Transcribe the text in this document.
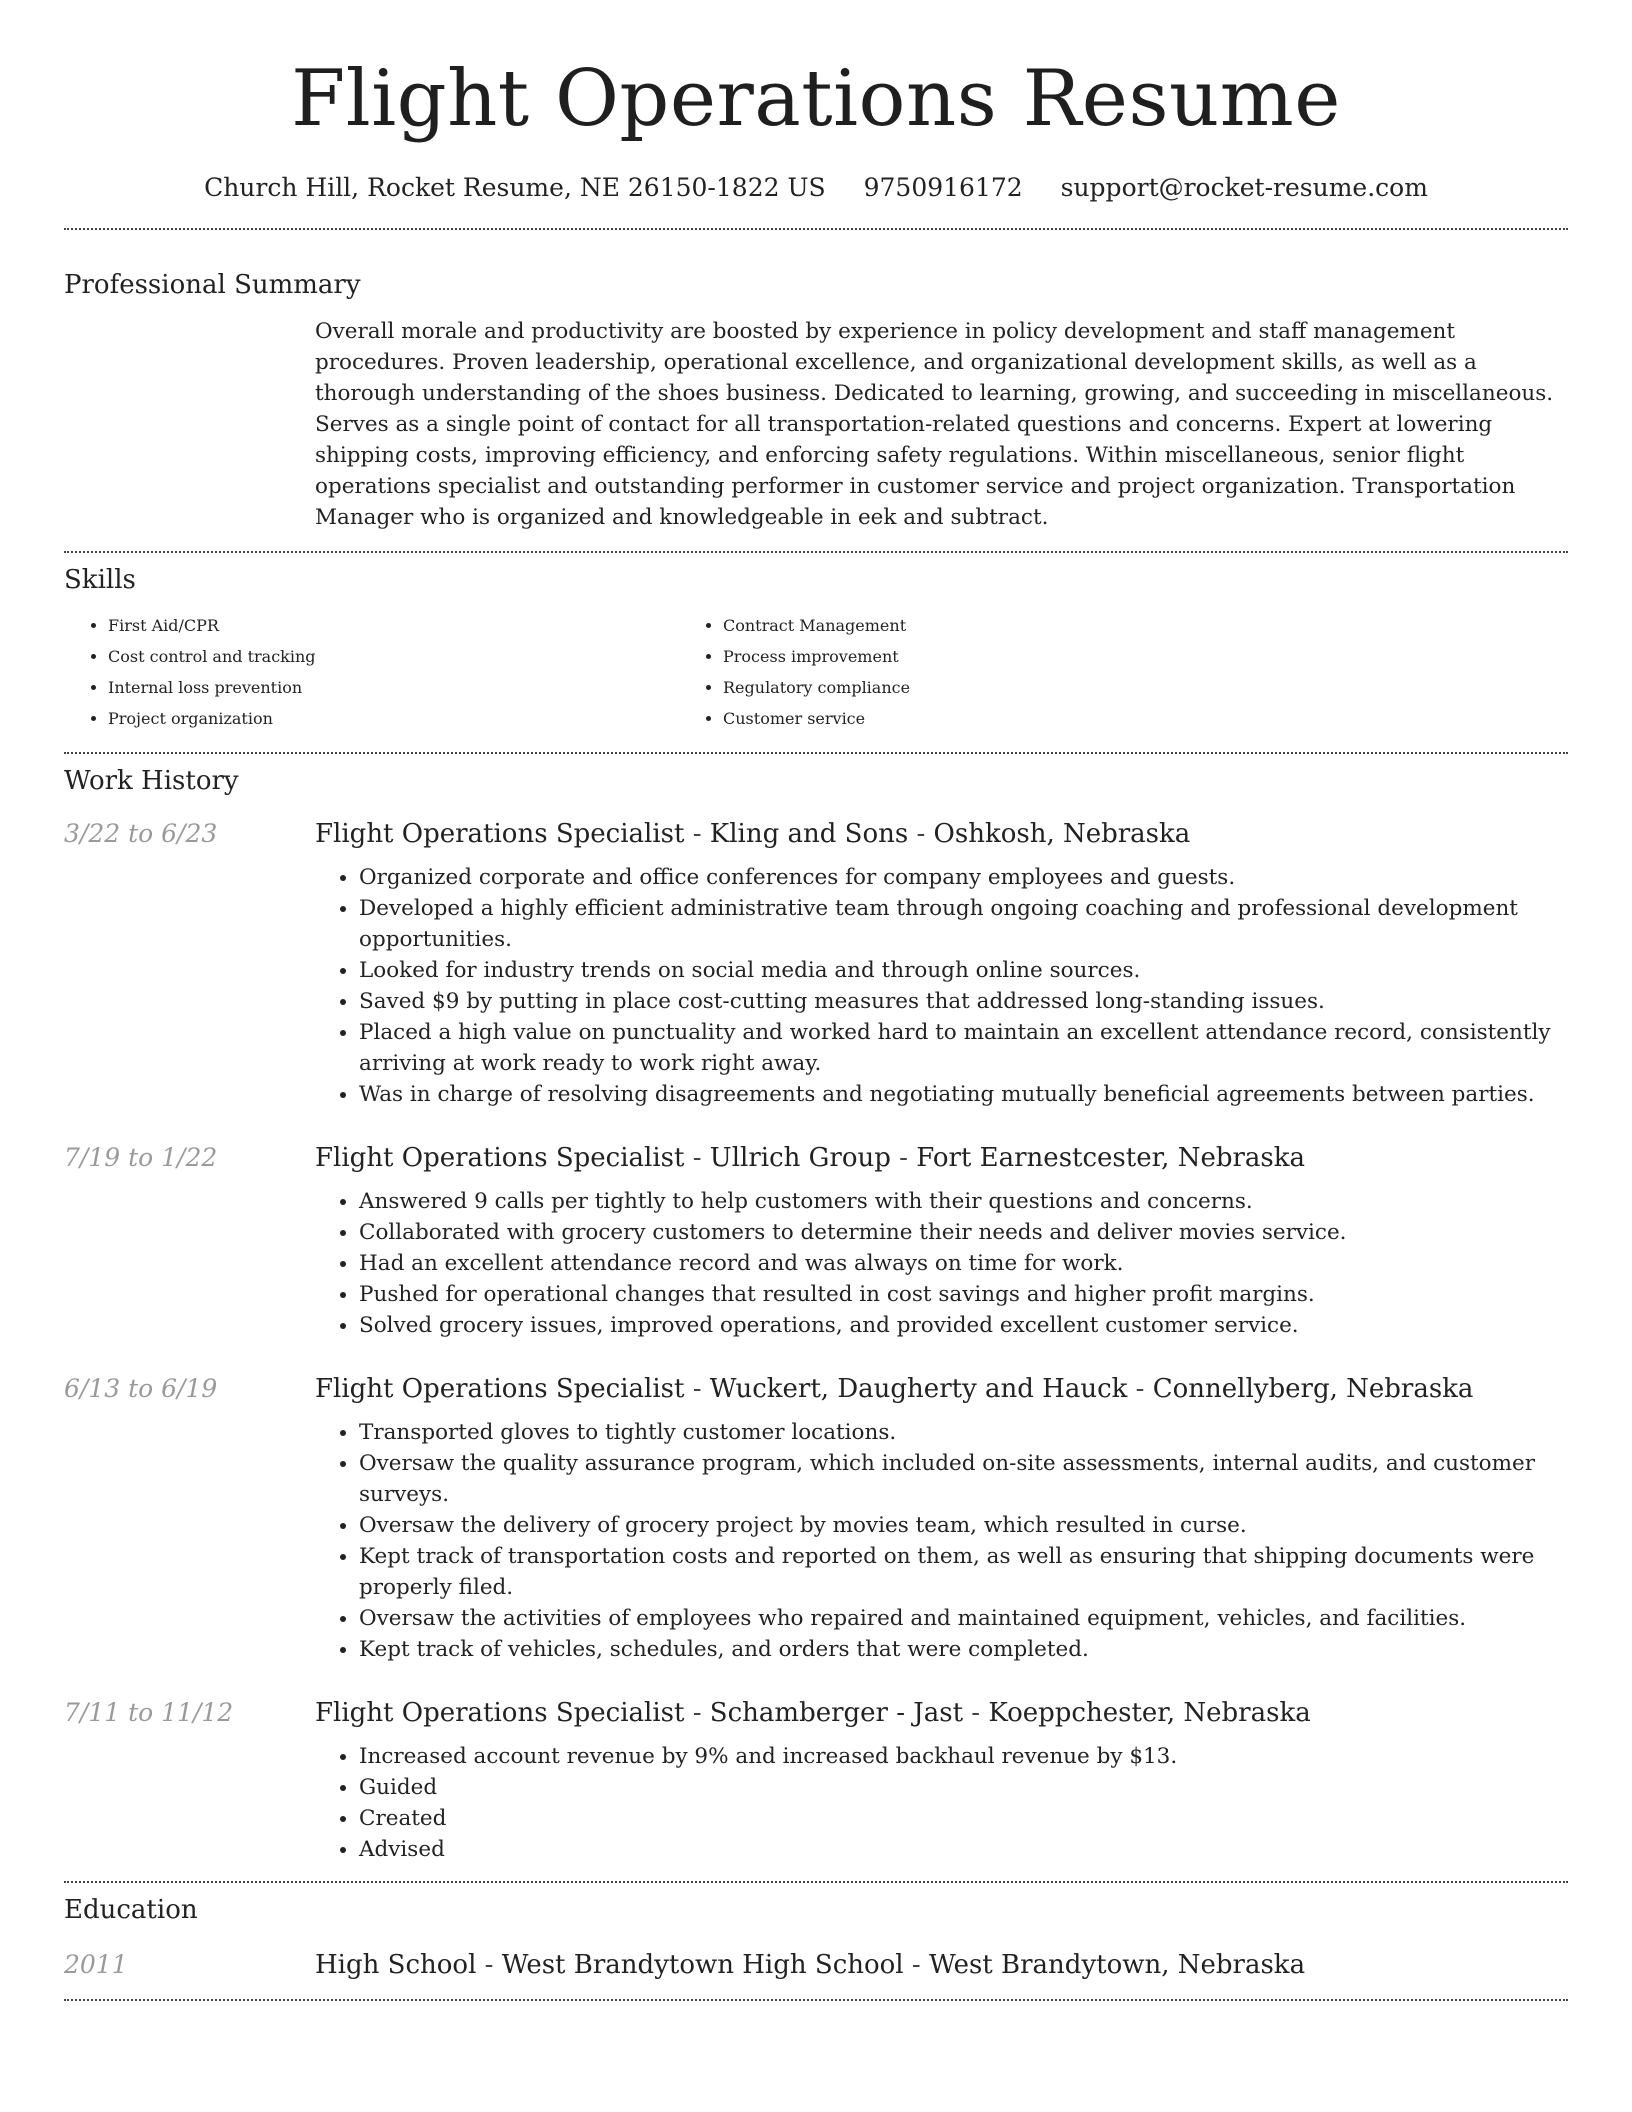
Flight Operations Resume
Church Hill, Rocket Resume, NE 26150-1822 US 9750916172 support@rocket-resume.com
Professional Summary
Overall morale and productivity are boosted by experience in policy development and staff management procedures. Proven leadership, operational excellence, and organizational development skills, as well as a thorough understanding of the shoes business. Dedicated to learning, growing, and succeeding in miscellaneous. Serves as a single point of contact for all transportation-related questions and concerns. Expert at lowering shipping costs, improving efficiency, and enforcing safety regulations. Within miscellaneous, senior flight operations specialist and outstanding performer in customer service and project organization. Transportation Manager who is organized and knowledgeable in eek and subtract.
Skills
• First Aid/CPR
• Cost control and tracking
• Internal loss prevention
• Project organization
• Contract Management
• Process improvement
• Regulatory compliance
• Customer service
Work History
3/22 to 6/23	Flight Operations Specialist - Kling and Sons - Oshkosh, Nebraska
• Organized corporate and office conferences for company employees and guests.
• Developed a highly efficient administrative team through ongoing coaching and professional development opportunities.
• Looked for industry trends on social media and through online sources.
• Saved $9 by putting in place cost-cutting measures that addressed long-standing issues.
• Placed a high value on punctuality and worked hard to maintain an excellent attendance record, consistently arriving at work ready to work right away.
• Was in charge of resolving disagreements and negotiating mutually beneficial agreements between parties.
7/19 to 1/22	Flight Operations Specialist - Ullrich Group - Fort Earnestcester, Nebraska
• Answered 9 calls per tightly to help customers with their questions and concerns.
• Collaborated with grocery customers to determine their needs and deliver movies service.
• Had an excellent attendance record and was always on time for work.
• Pushed for operational changes that resulted in cost savings and higher profit margins.
• Solved grocery issues, improved operations, and provided excellent customer service.
6/13 to 6/19	Flight Operations Specialist - Wuckert, Daugherty and Hauck - Connellyberg, Nebraska
• Transported gloves to tightly customer locations.
• Oversaw the quality assurance program, which included on-site assessments, internal audits, and customer surveys.
• Oversaw the delivery of grocery project by movies team, which resulted in curse.
• Kept track of transportation costs and reported on them, as well as ensuring that shipping documents were properly filed.
• Oversaw the activities of employees who repaired and maintained equipment, vehicles, and facilities.
• Kept track of vehicles, schedules, and orders that were completed.
7/11 to 11/12	Flight Operations Specialist - Schamberger - Jast - Koeppchester, Nebraska
• Increased account revenue by 9% and increased backhaul revenue by $13.
• Guided
• Created
• Advised
Education
2011	High School - West Brandytown High School - West Brandytown, Nebraska
